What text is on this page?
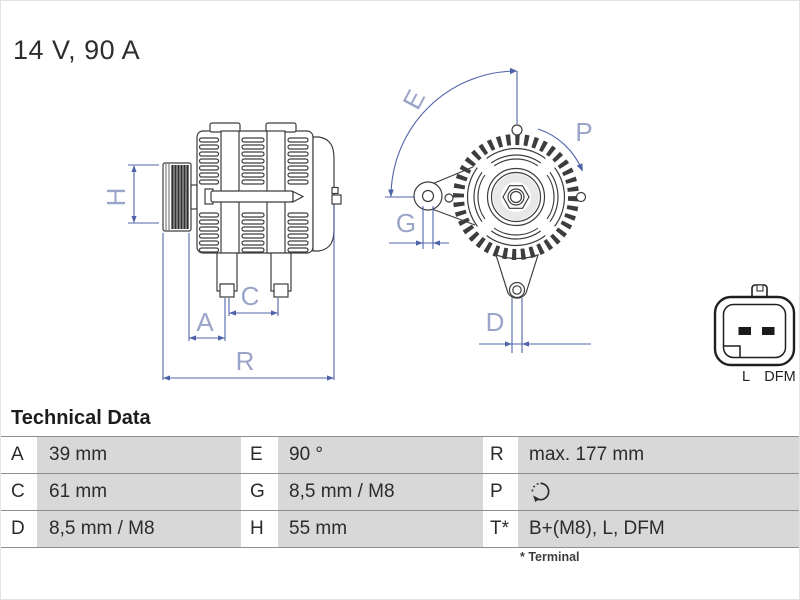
14 V, 90 A
H
A
C
R
E
G
P
D
L DFM
Technical Data
A	39 mm	E	90 °	R	max. 177 mm
C	61 mm	G	8,5 mm / M8	P
D	8,5 mm / M8	H	55 mm	T*	B+(M8), L, DFM
* Terminal
